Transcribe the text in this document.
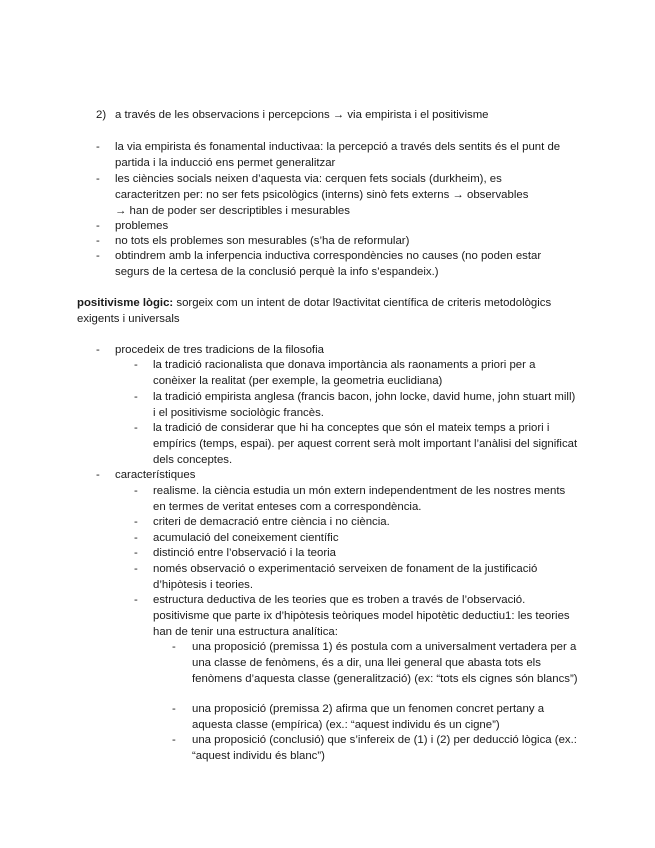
2) a través de les observacions i percepcions → via empirista i el positivisme
- la via empirista és fonamental inductivaa: la percepció a través dels sentits és el punt de partida i la inducció ens permet generalitzar
- les ciències socials neixen d’aquesta via: cerquen fets socials (durkheim), es caracteritzen per: no ser fets psicològics (interns) sinò fets externs → observables → han de poder ser descriptibles i mesurables
- problemes
- no tots els problemes son mesurables (s’ha de reformular)
- obtindrem amb la inferpencia inductiva correspondències no causes (no poden estar segurs de la certesa de la conclusió perquè la info s’espandeix.)
positivisme lògic: sorgeix com un intent de dotar l9activitat científica de criteris metodològics exigents i universals
- procedeix de tres tradicions de la filosofia
- la tradició racionalista que donava importància als raonaments a priori per a conèixer la realitat (per exemple, la geometria euclidiana)
- la tradició empirista anglesa (francis bacon, john locke, david hume, john stuart mill) i el positivisme sociològic francès.
- la tradició de considerar que hi ha conceptes que són el mateix temps a priori i empírics (temps, espai). per aquest corrent serà molt important l’anàlisi del significat dels conceptes.
- característiques
- realisme. la ciència estudia un món extern independentment de les nostres ments en termes de veritat enteses com a correspondència.
- criteri de demacració entre ciència i no ciència.
- acumulació del coneixement científic
- distinció entre l’observació i la teoria
- només observació o experimentació serveixen de fonament de la justificació d’hipòtesis i teories.
- estructura deductiva de les teories que es troben a través de l’observació. positivisme que parte ix d’hipòtesis teòriques model hipotètic deductiu1: les teories han de tenir una estructura analítica:
- una proposició (premissa 1) és postula com a universalment vertadera per a una classe de fenòmens, és a dir, una llei general que abasta tots els fenòmens d’aquesta classe (generalització) (ex: “tots els cignes són blancs”)
- una proposició (premissa 2) afirma que un fenomen concret pertany a aquesta classe (empírica) (ex.: “aquest individu és un cigne”)
- una proposició (conclusió) que s’infereix de (1) i (2) per deducció lògica (ex.: “aquest individu és blanc”)
